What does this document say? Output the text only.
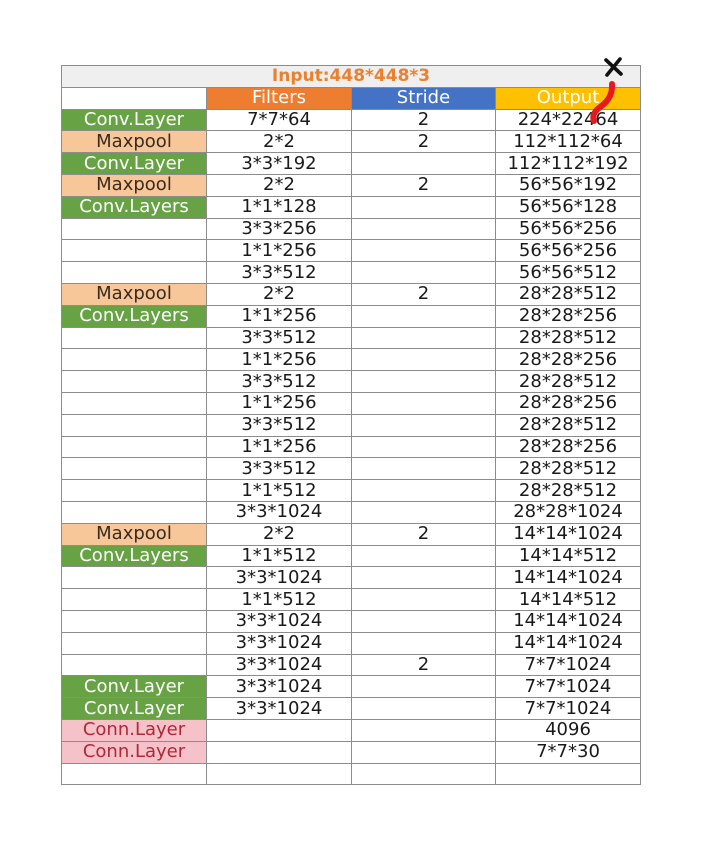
Input:448*448*3			
	Filters	Stride	Output
Conv.Layer	7*7*64	2	224*22464
Maxpool	2*2	2	112*112*64
Conv.Layer	3*3*192		112*112*192
Maxpool	2*2	2	56*56*192
Conv.Layers	1*1*128		56*56*128
	3*3*256		56*56*256
	1*1*256		56*56*256
	3*3*512		56*56*512
Maxpool	2*2	2	28*28*512
Conv.Layers	1*1*256		28*28*256
	3*3*512		28*28*512
	1*1*256		28*28*256
	3*3*512		28*28*512
	1*1*256		28*28*256
	3*3*512		28*28*512
	1*1*256		28*28*256
	3*3*512		28*28*512
	1*1*512		28*28*512
	3*3*1024		28*28*1024
Maxpool	2*2	2	14*14*1024
Conv.Layers	1*1*512		14*14*512
	3*3*1024		14*14*1024
	1*1*512		14*14*512
	3*3*1024		14*14*1024
	3*3*1024		14*14*1024
	3*3*1024	2	7*7*1024
Conv.Layer	3*3*1024		7*7*1024
Conv.Layer	3*3*1024		7*7*1024
Conn.Layer			4096
Conn.Layer			7*7*30
